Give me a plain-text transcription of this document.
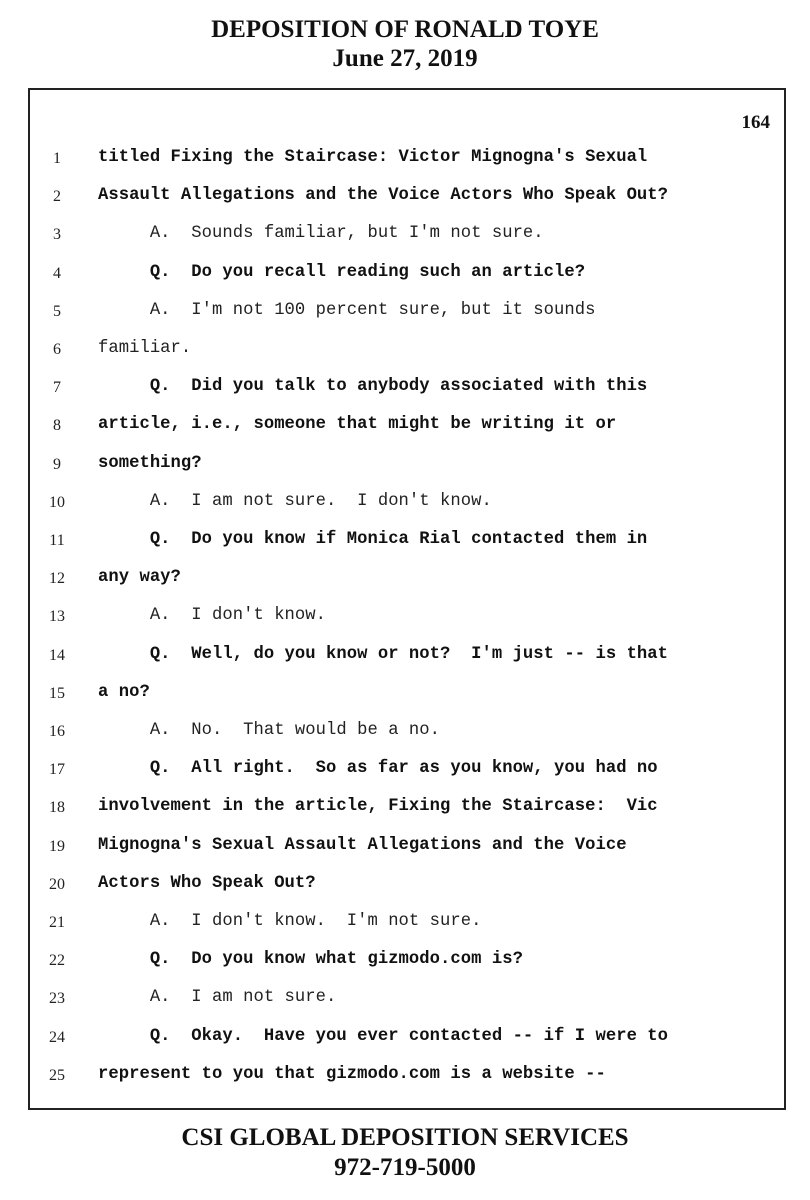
DEPOSITION OF RONALD TOYE
June 27, 2019
164
1	titled Fixing the Staircase: Victor Mignogna's Sexual
2	Assault Allegations and the Voice Actors Who Speak Out?
3	A.  Sounds familiar, but I'm not sure.
4	Q.  Do you recall reading such an article?
5	A.  I'm not 100 percent sure, but it sounds
6	familiar.
7	Q.  Did you talk to anybody associated with this
8	article, i.e., someone that might be writing it or
9	something?
10 A.  I am not sure.  I don't know.
11	Q.  Do you know if Monica Rial contacted them in
12 any way?
13 A.  I don't know.
14 Q.  Well, do you know or not?  I'm just -- is that
15 a no?
16 A.  No.  That would be a no.
17 Q.  All right.  So as far as you know, you had no
18 involvement in the article, Fixing the Staircase:  Vic
19 Mignogna's Sexual Assault Allegations and the Voice
20 Actors Who Speak Out?
21 A.  I don't know.  I'm not sure.
22 Q.  Do you know what gizmodo.com is?
23 A.  I am not sure.
24 Q.  Okay.  Have you ever contacted -- if I were to
25 represent to you that gizmodo.com is a website --
CSI GLOBAL DEPOSITION SERVICES
972-719-5000
